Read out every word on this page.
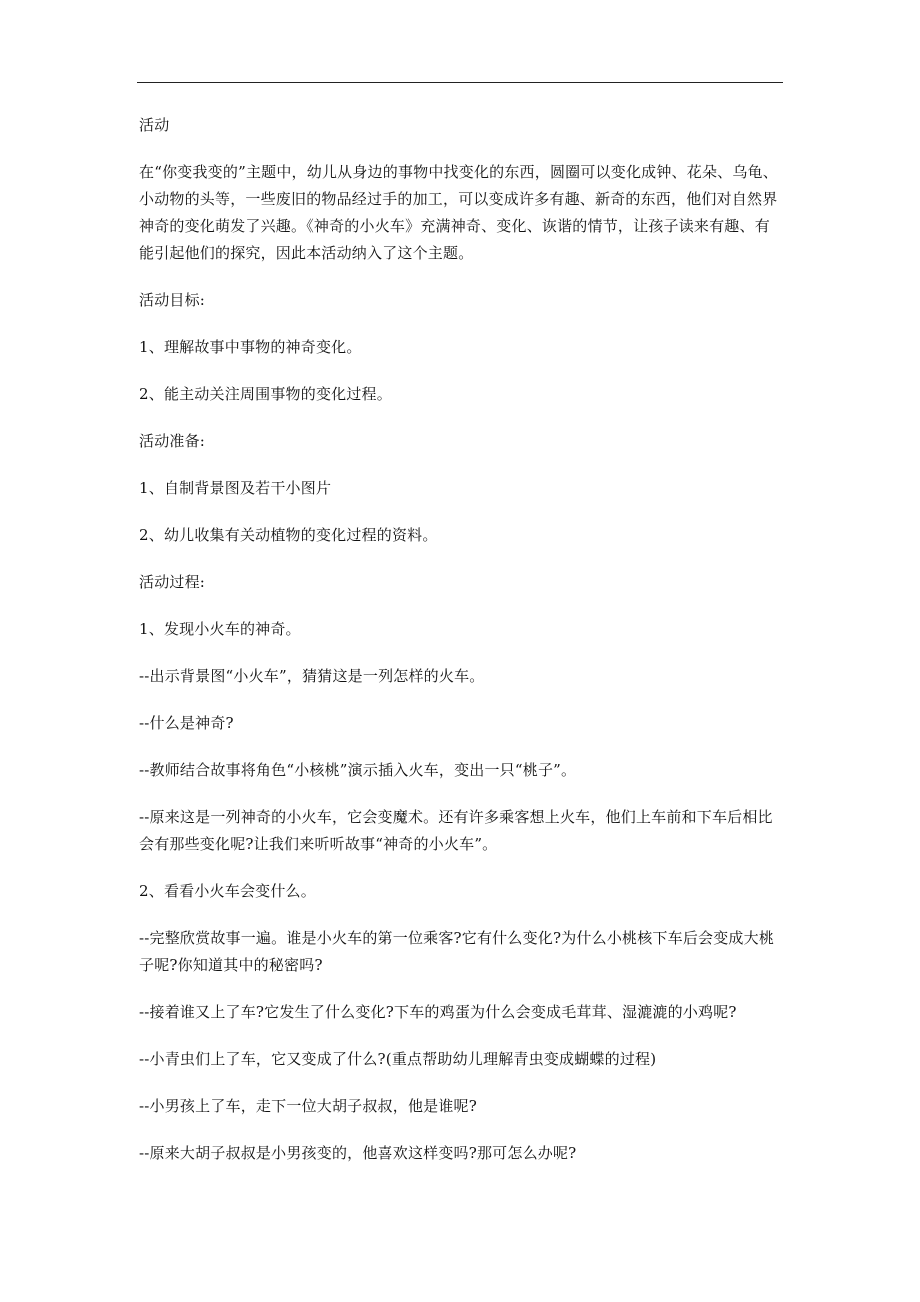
活动

在“你变我变的”主题中，幼儿从身边的事物中找变化的东西，圆圈可以变化成钟、花朵、乌龟、小动物的头等，一些废旧的物品经过手的加工，可以变成许多有趣、新奇的东西，他们对自然界神奇的变化萌发了兴趣。《神奇的小火车》充满神奇、变化、诙谐的情节，让孩子读来有趣、有能引起他们的探究，因此本活动纳入了这个主题。

活动目标:

1、理解故事中事物的神奇变化。

2、能主动关注周围事物的变化过程。

活动准备:

1、自制背景图及若干小图片

2、幼儿收集有关动植物的变化过程的资料。

活动过程:

1、发现小火车的神奇。

--出示背景图“小火车”，猜猜这是一列怎样的火车。

--什么是神奇?

--教师结合故事将角色“小核桃”演示插入火车，变出一只“桃子”。

--原来这是一列神奇的小火车，它会变魔术。还有许多乘客想上火车，他们上车前和下车后相比会有那些变化呢?让我们来听听故事“神奇的小火车”。

2、看看小火车会变什么。

--完整欣赏故事一遍。谁是小火车的第一位乘客?它有什么变化?为什么小桃核下车后会变成大桃子呢?你知道其中的秘密吗?

--接着谁又上了车?它发生了什么变化?下车的鸡蛋为什么会变成毛茸茸、湿漉漉的小鸡呢?

--小青虫们上了车，它又变成了什么?(重点帮助幼儿理解青虫变成蝴蝶的过程)

--小男孩上了车，走下一位大胡子叔叔，他是谁呢?

--原来大胡子叔叔是小男孩变的，他喜欢这样变吗?那可怎么办呢?
